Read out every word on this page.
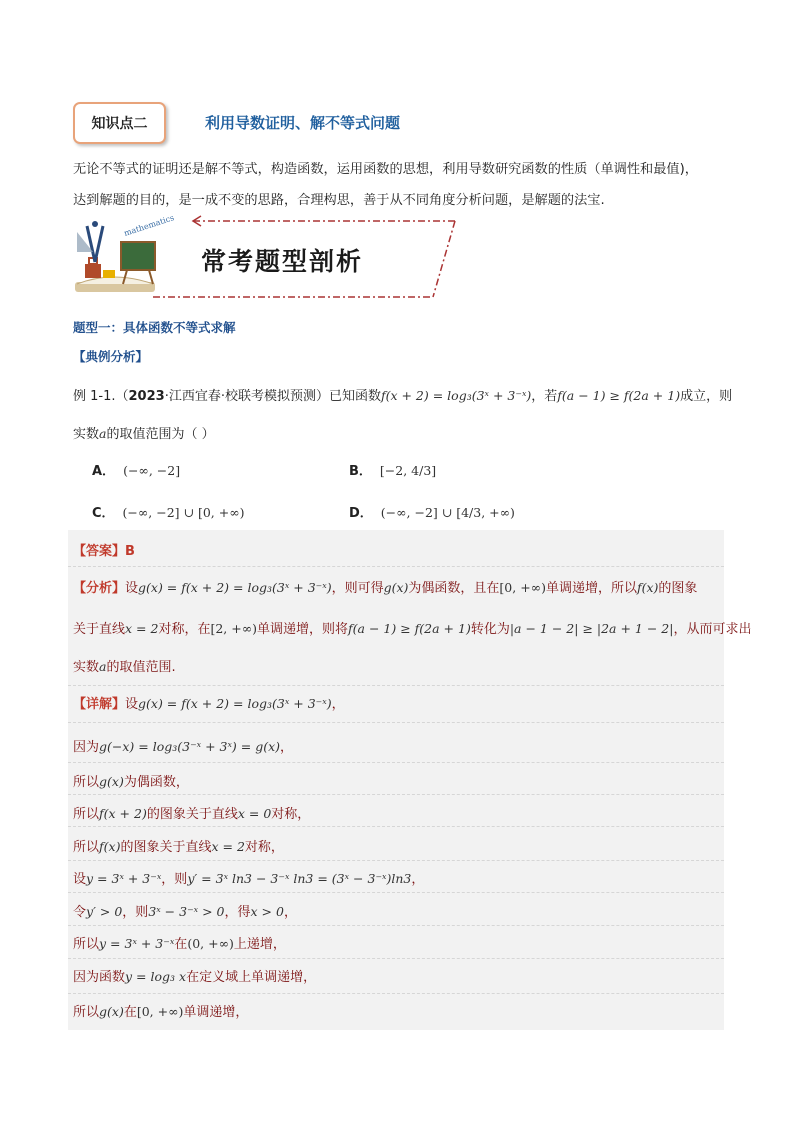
知识点二	利用导数证明、解不等式问题
无论不等式的证明还是解不等式，构造函数，运用函数的思想，利用导数研究函数的性质（单调性和最值)，
达到解题的目的，是一成不变的思路，合理构思，善于从不同角度分析问题，是解题的法宝.
mathematics
常考题型剖析
题型一：具体函数不等式求解
【典例分析】
例 1-1.（2023·江西宜春·校联考模拟预测）已知函数f(x + 2) = log₃(3ˣ + 3⁻ˣ)，若f(a − 1) ≥ f(2a + 1)成立，则
实数a的取值范围为（ ）
A． (−∞, −2]	B． [−2, 4/3]
C． (−∞, −2] ∪ [0, +∞)	D． (−∞, −2] ∪ [4/3, +∞)
【答案】B
【分析】设g(x) = f(x + 2) = log₃(3ˣ + 3⁻ˣ)，则可得g(x)为偶函数，且在[0, +∞)单调递增，所以f(x)的图象
关于直线x = 2对称，在[2, +∞)单调递增，则将f(a − 1) ≥ f(2a + 1)转化为|a − 1 − 2| ≥ |2a + 1 − 2|，从而可求出
实数a的取值范围.
【详解】设g(x) = f(x + 2) = log₃(3ˣ + 3⁻ˣ)，
因为g(−x) = log₃(3⁻ˣ + 3ˣ) = g(x)，
所以g(x)为偶函数，
所以f(x + 2)的图象关于直线x = 0对称，
所以f(x)的图象关于直线x = 2对称，
设y = 3ˣ + 3⁻ˣ，则y′ = 3ˣ ln3 − 3⁻ˣ ln3 = (3ˣ − 3⁻ˣ)ln3，
令y′ > 0，则3ˣ − 3⁻ˣ > 0，得x > 0，
所以y = 3ˣ + 3⁻ˣ在(0, +∞)上递增，
因为函数y = log₃ x在定义域上单调递增，
所以g(x)在[0, +∞)单调递增，
